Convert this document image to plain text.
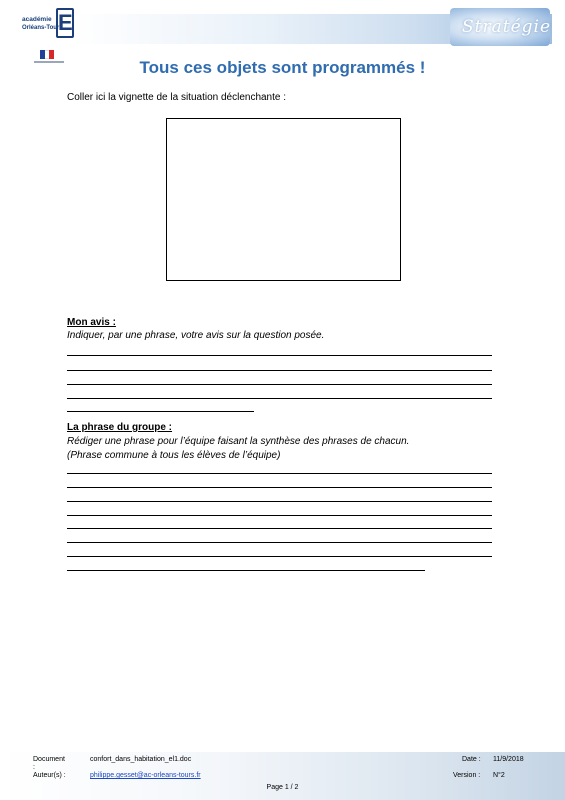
Stratégie
académie
Orléans-Tours
E
Tous ces objets sont programmés !
Coller ici la vignette de la situation déclenchante :
Mon avis :
Indiquer, par une phrase, votre avis sur la question posée.
La phrase du groupe :
Rédiger une phrase pour l’équipe faisant la synthèse des phrases de chacun.
(Phrase commune à tous les élèves de l’équipe)
Document
:
confort_dans_habitation_el1.doc
Auteur(s) :	philippe.gesset@ac-orleans-tours.fr
Date : 11/9/2018
Version : N°2
Page 1 / 2
